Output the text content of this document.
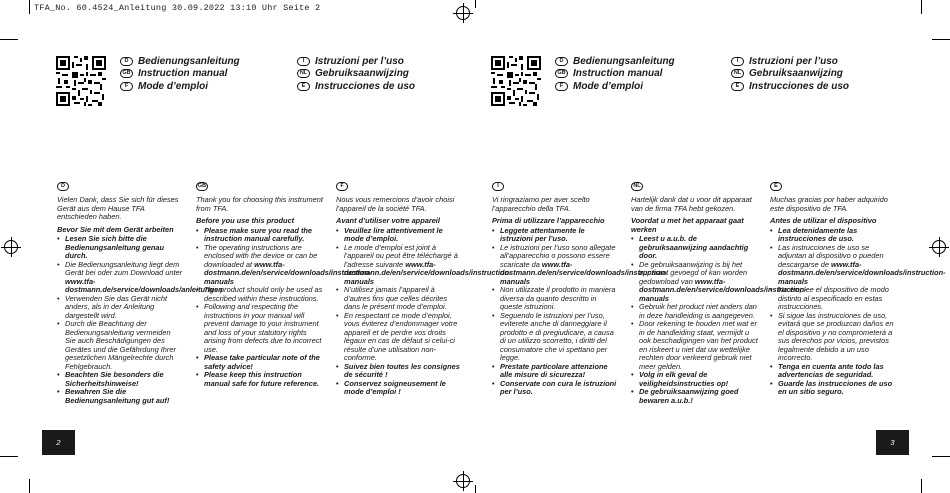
TFA_No. 60.4524_Anleitung 30.09.2022 13:10 Uhr Seite 2
D Bedienungsanleitung
GB Instruction manual
F Mode d’emploi
I	Istruzioni per l’uso
NL Gebruiksaanwijzing
E Instrucciones de uso
D Bedienungsanleitung
GB Instruction manual
F Mode d’emploi
I	Istruzioni per l’uso
NL Gebruiksaanwijzing
E Instrucciones de uso
D

Vielen Dank, dass Sie sich für dieses Gerät aus dem Hause TFA entschieden haben.

Bevor Sie mit dem Gerät arbeiten

• Lesen Sie sich bitte die Bedienungsanleitung genau durch.
• Die Bedienungsanleitung liegt dem Gerät bei oder zum Download unter www.tfa-dostmann.de/service/downloads/anleitungen
• Verwenden Sie das Gerät nicht anders, als in der Anleitung dargestellt wird.
• Durch die Beachtung der Bedienungsanleitung vermeiden Sie auch Beschädigungen des Gerätes und die Gefährdung Ihrer gesetzlichen Mängelrechte durch Fehlgebrauch.
• Beachten Sie besonders die Sicherheitshinweise!
• Bewahren Sie die Bedienungsanleitung gut auf!
GB

Thank you for choosing this instrument from TFA.

Before you use this product

• Please make sure you read the instruction manual carefully.
• The operating instructions are enclosed with the device or can be downloaded at www.tfa-dostmann.de/en/service/downloads/instruction-manuals
• This product should only be used as described within these instructions.
• Following and respecting the instructions in your manual will prevent damage to your instrument and loss of your statutory rights arising from defects due to incorrect use.
• Please take particular note of the safety advice!
• Please keep this instruction manual safe for future reference.
F

Nous vous remercions d’avoir choisi l’appareil de la société TFA.

Avant d’utiliser votre appareil

• Veuillez lire attentivement le mode d’emploi.
• Le mode d’emploi est joint à l’appareil ou peut être téléchargé à l’adresse suivante www.tfa-dostmann.de/en/service/downloads/instruction-manuals
• N’utilisez jamais l’appareil à d’autres fins que celles décrites dans le présent mode d’emploi.
• En respectant ce mode d’emploi, vous éviterez d’endommager votre appareil et de perdre vos droits légaux en cas de défaut si celui-ci résulte d’une utilisation non-conforme.
• Suivez bien toutes les consignes de sécurité !
• Conservez soigneusement le mode d’emploi !
I

Vi ringraziamo per aver scelto l’apparecchio della TFA.

Prima di utilizzare l’apparecchio

• Leggete attentamente le istruzioni per l’uso.
• Le istruzioni per l’uso sono allegate all’apparecchio o possono essere scaricate da www.tfa-dostmann.de/en/service/downloads/instruction-manuals
• Non utilizzate il prodotto in maniera diversa da quanto descritto in queste istruzioni.
• Seguendo le istruzioni per l’uso, eviterete anche di danneggiare il prodotto e di pregiudicare, a causa di un utilizzo scorretto, i diritti del consumatore che vi spettano per legge.
• Prestate particolare attenzione alle misure di sicurezza!
• Conservate con cura le istruzioni per l’uso.
NL

Hartelijk dank dat u voor dit apparaat van de firma TFA hebt gekozen.

Voordat u met het apparaat gaat werken

• Leest u a.u.b. de gebruiksaanwijzing aandachtig door.
• De gebruiksaanwijzing is bij het apparaat gevoegd of kan worden gedownload van www.tfa-dostmann.de/en/service/downloads/instruction-manuals
• Gebruik het product niet anders dan in deze handleiding is aangegeven.
• Door rekening te houden met wat er in de handleiding staat, vermijdt u ook beschadigingen van het product en riskeert u niet dat uw wettelijke rechten door verkeerd gebruik niet meer gelden.
• Volg in elk geval de veiligheidsinstructies op!
• De gebruiksaanwijzing goed bewaren a.u.b.!
E

Muchas gracias por haber adquirido este dispositivo de TFA.

Antes de utilizar el dispositivo

• Lea detenidamente las instrucciones de uso.
• Las instrucciones de uso se adjuntan al dispositivo o pueden descargarse de www.tfa-dostmann.de/en/service/downloads/instruction-manuals
• No emplee el dispositivo de modo distinto al especificado en estas instrucciones.
• Si sigue las instrucciones de uso, evitará que se produzcan daños en el dispositivo y no comprometerá a sus derechos por vicios, previstos legalmente debido a un uso incorrecto.
• Tenga en cuenta ante todo las advertencias de seguridad.
• Guarde las instrucciones de uso en un sitio seguro.
2	3
